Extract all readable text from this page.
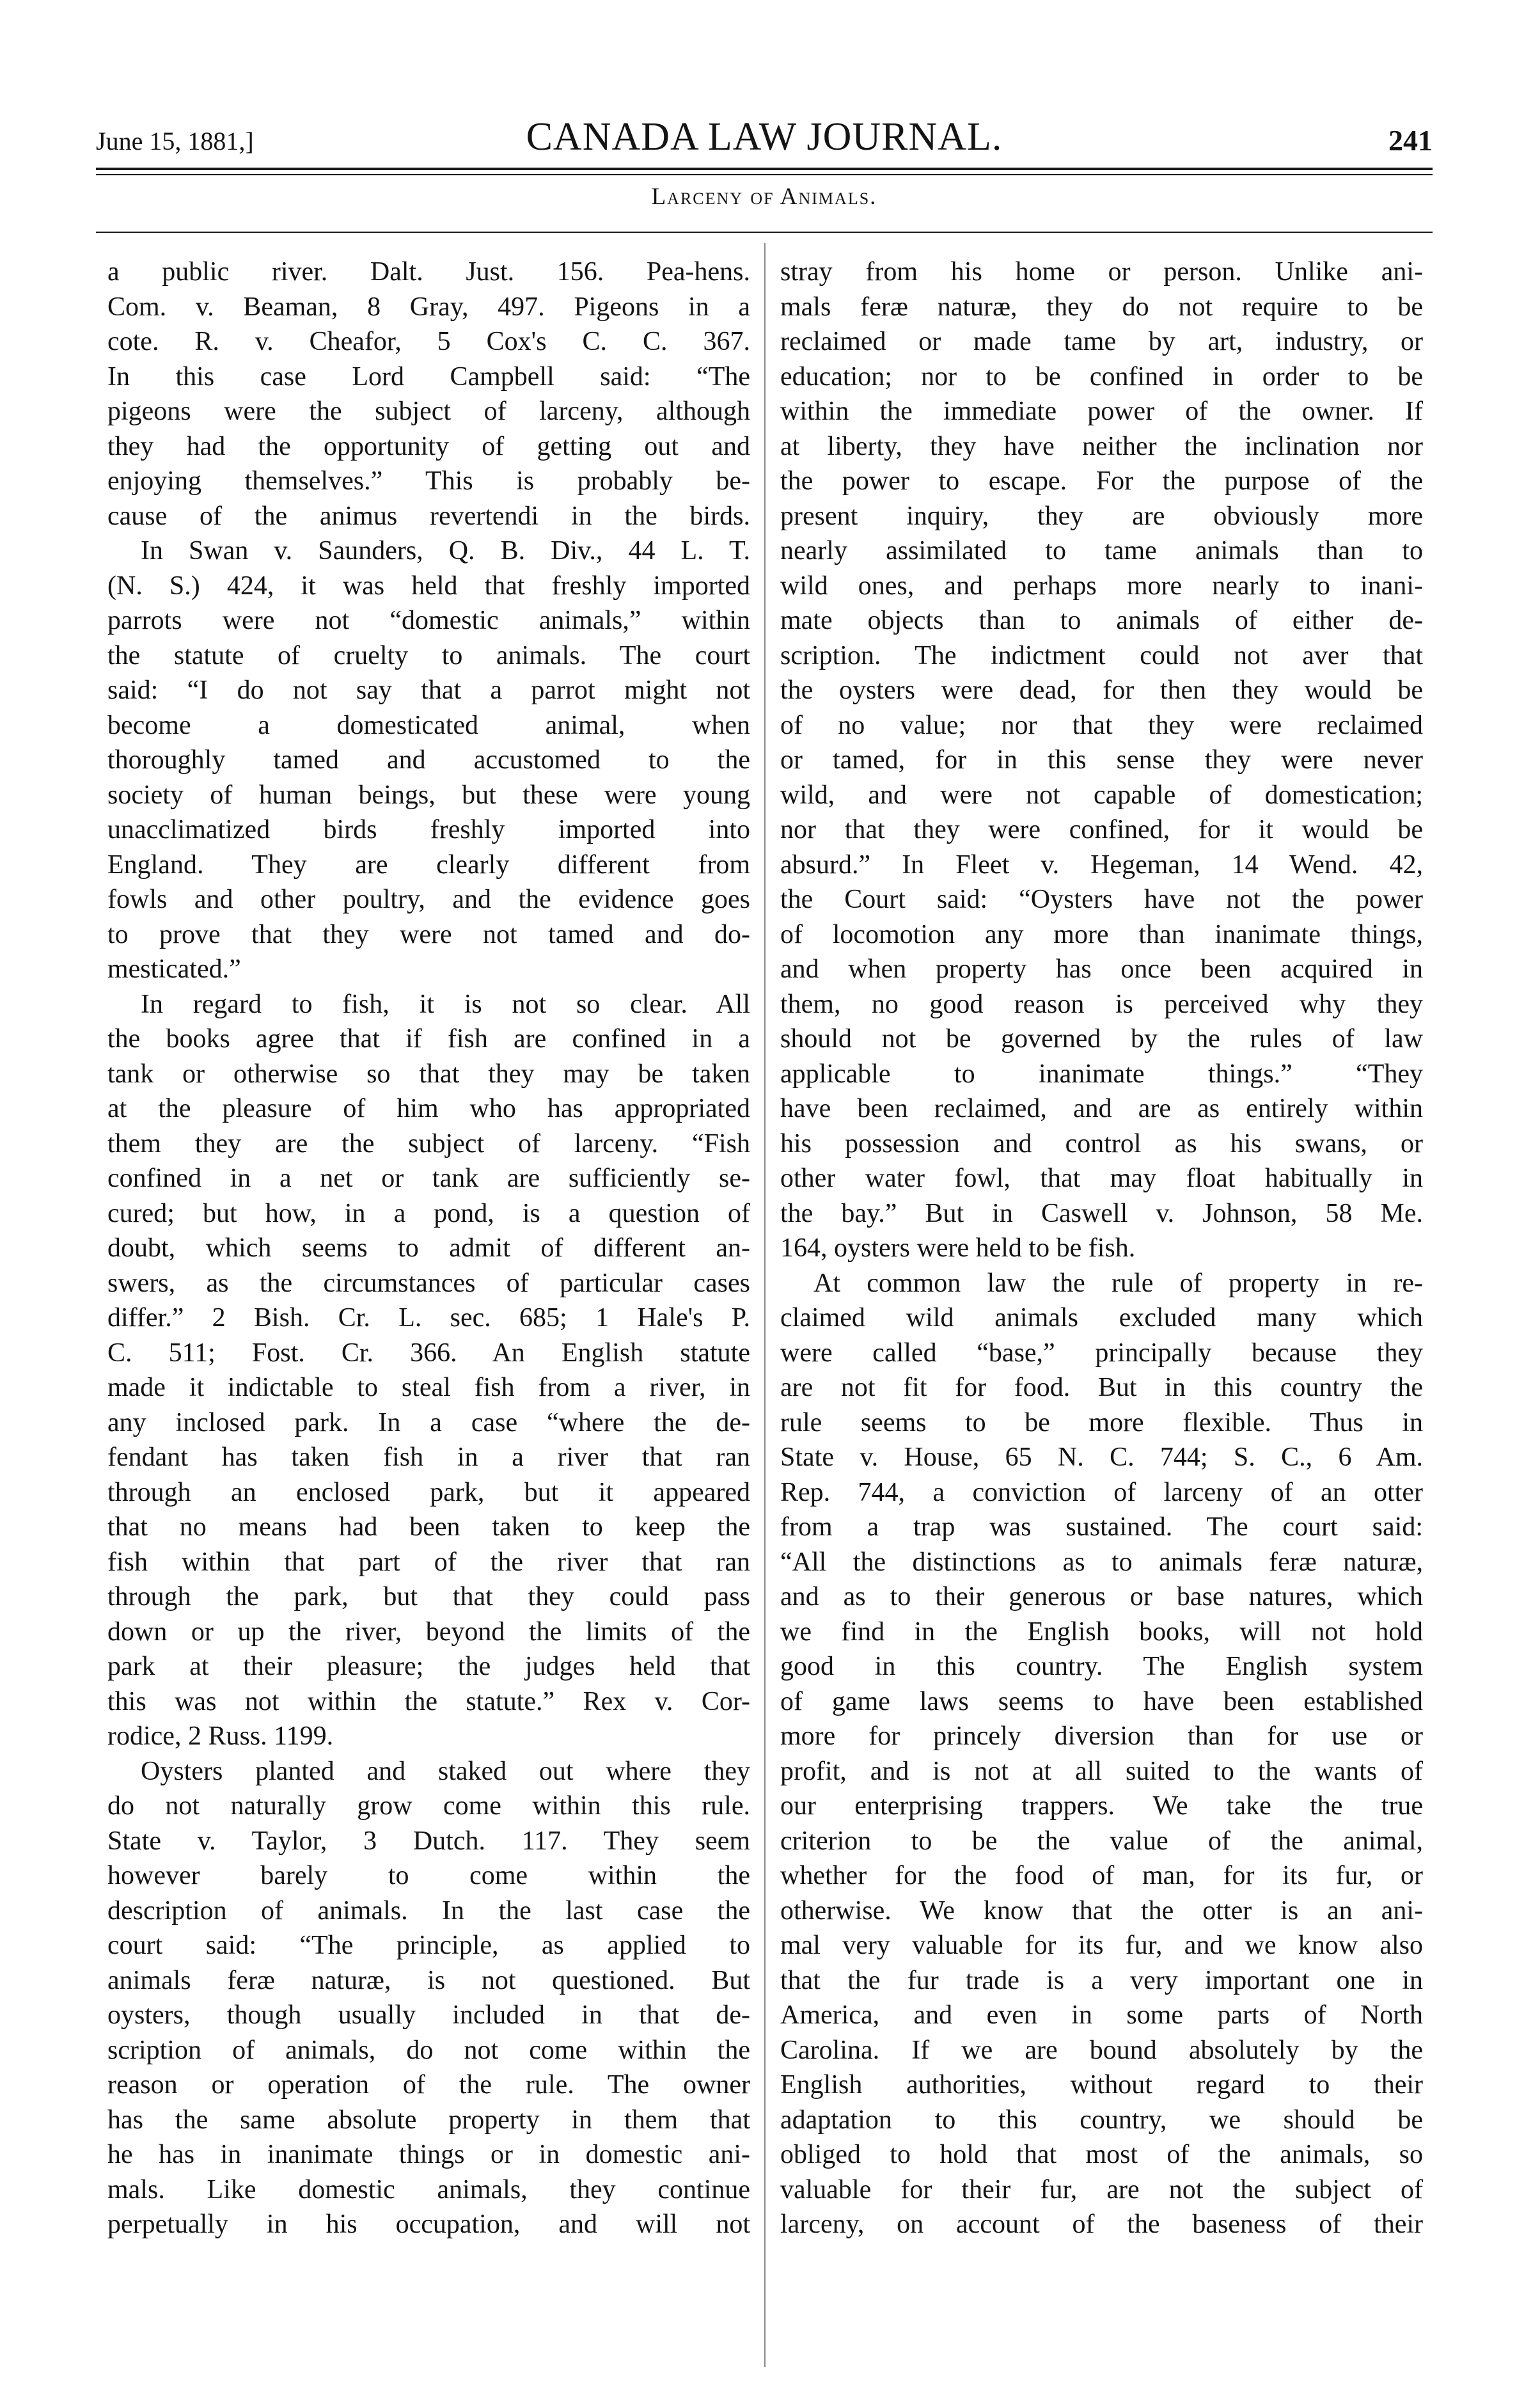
June 15, 1881,]	CANADA LAW JOURNAL.	241
Larceny of Animals.
a public river. Dalt. Just. 156. Pea-hens.
Com. v. Beaman, 8 Gray, 497. Pigeons in a
cote. R. v. Cheafor, 5 Cox's C. C. 367.
In this case Lord Campbell said: “The
pigeons were the subject of larceny, although
they had the opportunity of getting out and
enjoying themselves.” This is probably be-
cause of the animus revertendi in the birds.
In Swan v. Saunders, Q. B. Div., 44 L. T.
(N. S.) 424, it was held that freshly imported
parrots were not “domestic animals,” within
the statute of cruelty to animals. The court
said: “I do not say that a parrot might not
become a domesticated animal, when
thoroughly tamed and accustomed to the
society of human beings, but these were young
unacclimatized birds freshly imported into
England. They are clearly different from
fowls and other poultry, and the evidence goes
to prove that they were not tamed and do-
mesticated.”
In regard to fish, it is not so clear. All
the books agree that if fish are confined in a
tank or otherwise so that they may be taken
at the pleasure of him who has appropriated
them they are the subject of larceny. “Fish
confined in a net or tank are sufficiently se-
cured; but how, in a pond, is a question of
doubt, which seems to admit of different an-
swers, as the circumstances of particular cases
differ.” 2 Bish. Cr. L. sec. 685; 1 Hale's P.
C. 511; Fost. Cr. 366. An English statute
made it indictable to steal fish from a river, in
any inclosed park. In a case “where the de-
fendant has taken fish in a river that ran
through an enclosed park, but it appeared
that no means had been taken to keep the
fish within that part of the river that ran
through the park, but that they could pass
down or up the river, beyond the limits of the
park at their pleasure; the judges held that
this was not within the statute.” Rex v. Cor-
rodice, 2 Russ. 1199.
Oysters planted and staked out where they
do not naturally grow come within this rule.
State v. Taylor, 3 Dutch. 117. They seem
however barely to come within the
description of animals. In the last case the
court said: “The principle, as applied to
animals feræ naturæ, is not questioned. But
oysters, though usually included in that de-
scription of animals, do not come within the
reason or operation of the rule. The owner
has the same absolute property in them that
he has in inanimate things or in domestic ani-
mals. Like domestic animals, they continue
perpetually in his occupation, and will not
stray from his home or person. Unlike ani-
mals feræ naturæ, they do not require to be
reclaimed or made tame by art, industry, or
education; nor to be confined in order to be
within the immediate power of the owner. If
at liberty, they have neither the inclination nor
the power to escape. For the purpose of the
present inquiry, they are obviously more
nearly assimilated to tame animals than to
wild ones, and perhaps more nearly to inani-
mate objects than to animals of either de-
scription. The indictment could not aver that
the oysters were dead, for then they would be
of no value; nor that they were reclaimed
or tamed, for in this sense they were never
wild, and were not capable of domestication;
nor that they were confined, for it would be
absurd.” In Fleet v. Hegeman, 14 Wend. 42,
the Court said: “Oysters have not the power
of locomotion any more than inanimate things,
and when property has once been acquired in
them, no good reason is perceived why they
should not be governed by the rules of law
applicable to inanimate things.” “They
have been reclaimed, and are as entirely within
his possession and control as his swans, or
other water fowl, that may float habitually in
the bay.” But in Caswell v. Johnson, 58 Me.
164, oysters were held to be fish.
At common law the rule of property in re-
claimed wild animals excluded many which
were called “base,” principally because they
are not fit for food. But in this country the
rule seems to be more flexible. Thus in
State v. House, 65 N. C. 744; S. C., 6 Am.
Rep. 744, a conviction of larceny of an otter
from a trap was sustained. The court said:
“All the distinctions as to animals feræ naturæ,
and as to their generous or base natures, which
we find in the English books, will not hold
good in this country. The English system
of game laws seems to have been established
more for princely diversion than for use or
profit, and is not at all suited to the wants of
our enterprising trappers. We take the true
criterion to be the value of the animal,
whether for the food of man, for its fur, or
otherwise. We know that the otter is an ani-
mal very valuable for its fur, and we know also
that the fur trade is a very important one in
America, and even in some parts of North
Carolina. If we are bound absolutely by the
English authorities, without regard to their
adaptation to this country, we should be
obliged to hold that most of the animals, so
valuable for their fur, are not the subject of
larceny, on account of the baseness of their
